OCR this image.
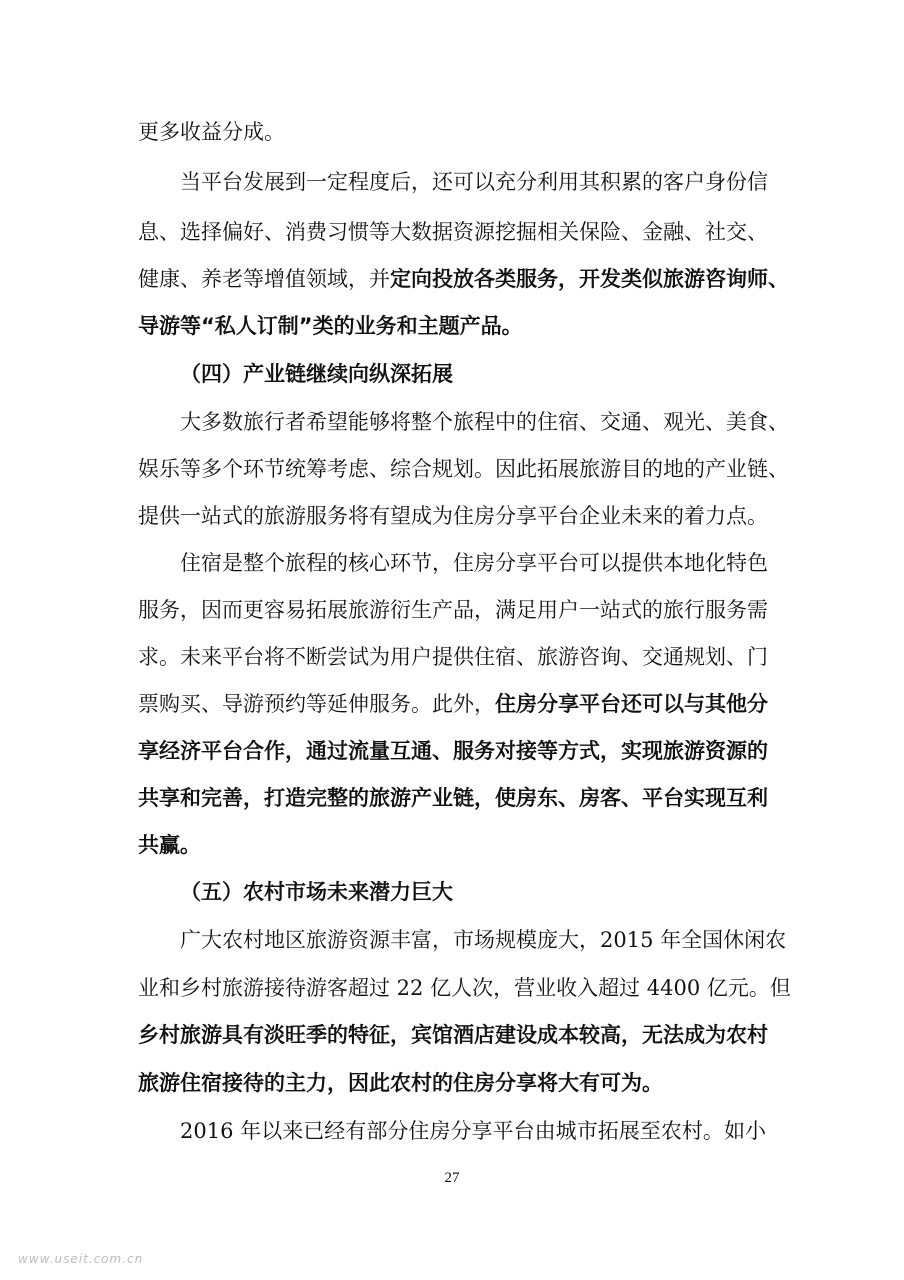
更多收益分成。
当平台发展到一定程度后，还可以充分利用其积累的客户身份信
息、选择偏好、消费习惯等大数据资源挖掘相关保险、金融、社交、
健康、养老等增值领域，并定向投放各类服务，开发类似旅游咨询师、
导游等“私人订制”类的业务和主题产品。
（四）产业链继续向纵深拓展
大多数旅行者希望能够将整个旅程中的住宿、交通、观光、美食、
娱乐等多个环节统筹考虑、综合规划。因此拓展旅游目的地的产业链、
提供一站式的旅游服务将有望成为住房分享平台企业未来的着力点。
住宿是整个旅程的核心环节，住房分享平台可以提供本地化特色
服务，因而更容易拓展旅游衍生产品，满足用户一站式的旅行服务需
求。未来平台将不断尝试为用户提供住宿、旅游咨询、交通规划、门
票购买、导游预约等延伸服务。此外，住房分享平台还可以与其他分
享经济平台合作，通过流量互通、服务对接等方式，实现旅游资源的
共享和完善，打造完整的旅游产业链，使房东、房客、平台实现互利
共赢。
（五）农村市场未来潜力巨大
广大农村地区旅游资源丰富，市场规模庞大，2015 年全国休闲农
业和乡村旅游接待游客超过 22 亿人次，营业收入超过 4400 亿元。但
乡村旅游具有淡旺季的特征，宾馆酒店建设成本较高，无法成为农村
旅游住宿接待的主力，因此农村的住房分享将大有可为。
2016 年以来已经有部分住房分享平台由城市拓展至农村。如小
27
www.useit.com.cn
